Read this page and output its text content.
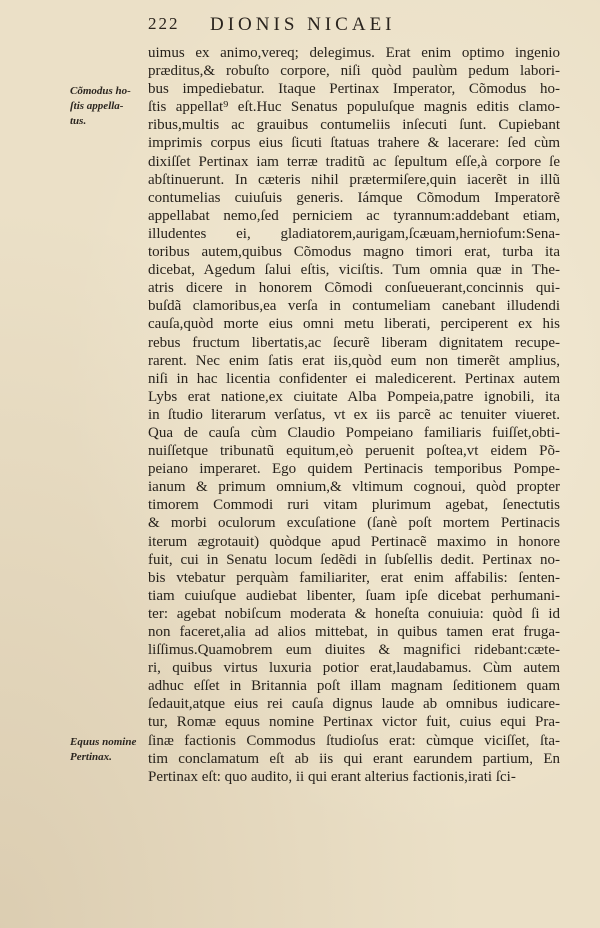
222 DIONIS NICAEI
Cõmodus ho-
ſtis appella-
tus.
Equus nomine
Pertinax.
uimus ex animo,vereq; delegimus. Erat enim optimo ingenio
præditus,& robuſto corpore, niſi quòd paulùm pedum labori-
bus impediebatur. Itaque Pertinax Imperator, Cõmodus ho-
ſtis appellat⁹ eſt.Huc Senatus populuſque magnis editis clamo-
ribus,multis ac grauibus contumeliis inſecuti ſunt. Cupiebant
imprimis corpus eius ſicuti ſtatuas trahere & lacerare: ſed cùm
dixiſſet Pertinax iam terræ traditũ ac ſepultum eſſe,à corpore ſe
abſtinuerunt. In cæteris nihil prætermiſere,quin iacerẽt in illũ
contumelias cuiuſuis generis. Iámque Cõmodum Imperatorẽ
appellabat nemo,ſed perniciem ac tyrannum:addebant etiam,
illudentes ei, gladiatorem,aurigam,ſcæuam,herniofum:Sena-
toribus autem,quibus Cõmodus magno timori erat, turba ita
dicebat, Agedum ſalui eſtis, viciſtis. Tum omnia quæ in The-
atris dicere in honorem Cõmodi conſueuerant,concinnis qui-
buſdã clamoribus,ea verſa in contumeliam canebant illudendi
cauſa,quòd morte eius omni metu liberati, perciperent ex his
rebus fructum libertatis,ac ſecurẽ liberam dignitatem recupe-
rarent. Nec enim ſatis erat iis,quòd eum non timerẽt amplius,
niſi in hac licentia confidenter ei maledicerent. Pertinax autem
Lybs erat natione,ex ciuitate Alba Pompeia,patre ignobili, ita
in ſtudio literarum verſatus, vt ex iis parcẽ ac tenuiter viueret.
Qua de cauſa cùm Claudio Pompeiano familiaris fuiſſet,obti-
nuiſſetque tribunatũ equitum,eò peruenit poſtea,vt eidem Põ-
peiano imperaret. Ego quidem Pertinacis temporibus Pompe-
ianum & primum omnium,& vltimum cognoui, quòd propter
timorem Commodi ruri vitam plurimum agebat, ſenectutis
& morbi oculorum excuſatione (ſanè poſt mortem Pertinacis
iterum ægrotauit) quòdque apud Pertinacẽ maximo in honore
fuit, cui in Senatu locum ſedẽdi in ſubſellis dedit. Pertinax no-
bis vtebatur perquàm familiariter, erat enim affabilis: ſenten-
tiam cuiuſque audiebat libenter, ſuam ipſe dicebat perhumani-
ter: agebat nobiſcum moderata & honeſta conuiuia: quòd ſi id
non faceret,alia ad alios mittebat, in quibus tamen erat fruga-
liſſimus.Quamobrem eum diuites & magnifici ridebant:cæte-
ri, quibus virtus luxuria potior erat,laudabamus. Cùm autem
adhuc eſſet in Britannia poſt illam magnam ſeditionem quam
ſedauit,atque eius rei cauſa dignus laude ab omnibus iudicare-
tur, Romæ equus nomine Pertinax victor fuit, cuius equi Pra-
ſinæ factionis Commodus ſtudioſus erat: cùmque viciſſet, ſta-
tim conclamatum eſt ab iis qui erant earundem partium, En
Pertinax eſt: quo audito, ii qui erant alterius factionis,irati ſci-
